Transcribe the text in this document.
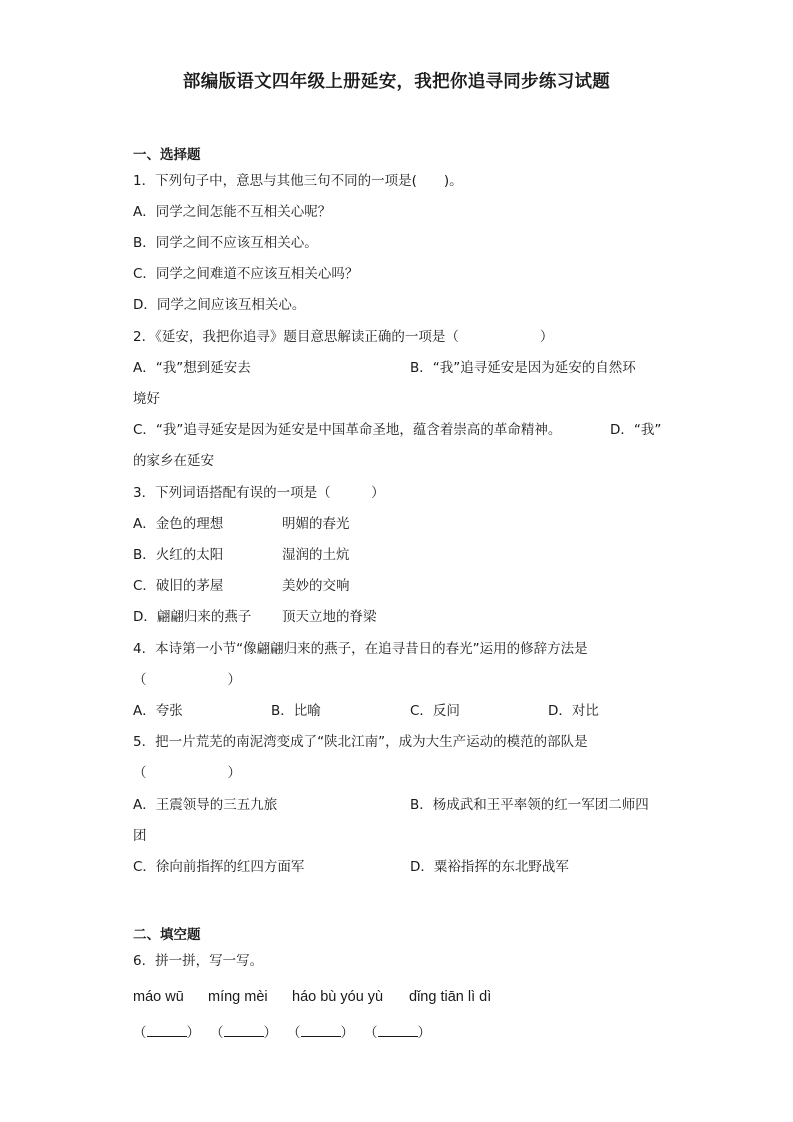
部编版语文四年级上册延安，我把你追寻同步练习试题
一、选择题
1．下列句子中，意思与其他三句不同的一项是(　　)。
A．同学之间怎能不互相关心呢？
B．同学之间不应该互相关心。
C．同学之间难道不应该互相关心吗？
D．同学之间应该互相关心。
2．《延安，我把你追寻》题目意思解读正确的一项是（　　　　　　）
A．“我”想到延安去	B．“我”追寻延安是因为延安的自然环
境好
C．“我”追寻延安是因为延安是中国革命圣地，蕴含着崇高的革命精神。	D．“我”
的家乡在延安
3．下列词语搭配有误的一项是（　　　）
A．金色的理想	明媚的春光
B．火红的太阳	湿润的土炕
C．破旧的茅屋	美妙的交响
D．翩翩归来的燕子 顶天立地的脊梁
4．本诗第一小节“像翩翩归来的燕子，在追寻昔日的春光”运用的修辞方法是
（　　　　　　）
A．夸张	B．比喻	C．反问	D．对比
5．把一片荒芜的南泥湾变成了“陕北江南”，成为大生产运动的模范的部队是
（　　　　　　）
A．王震领导的三五九旅	B．杨成武和王平率领的红一军团二师四
团
C．徐向前指挥的红四方面军	D．粟裕指挥的东北野战军
二、填空题
6．拼一拼，写一写。
máo wū míng mèi háo bù yóu yù dǐng tiān lì dì
（	） （	） （	） （	）
